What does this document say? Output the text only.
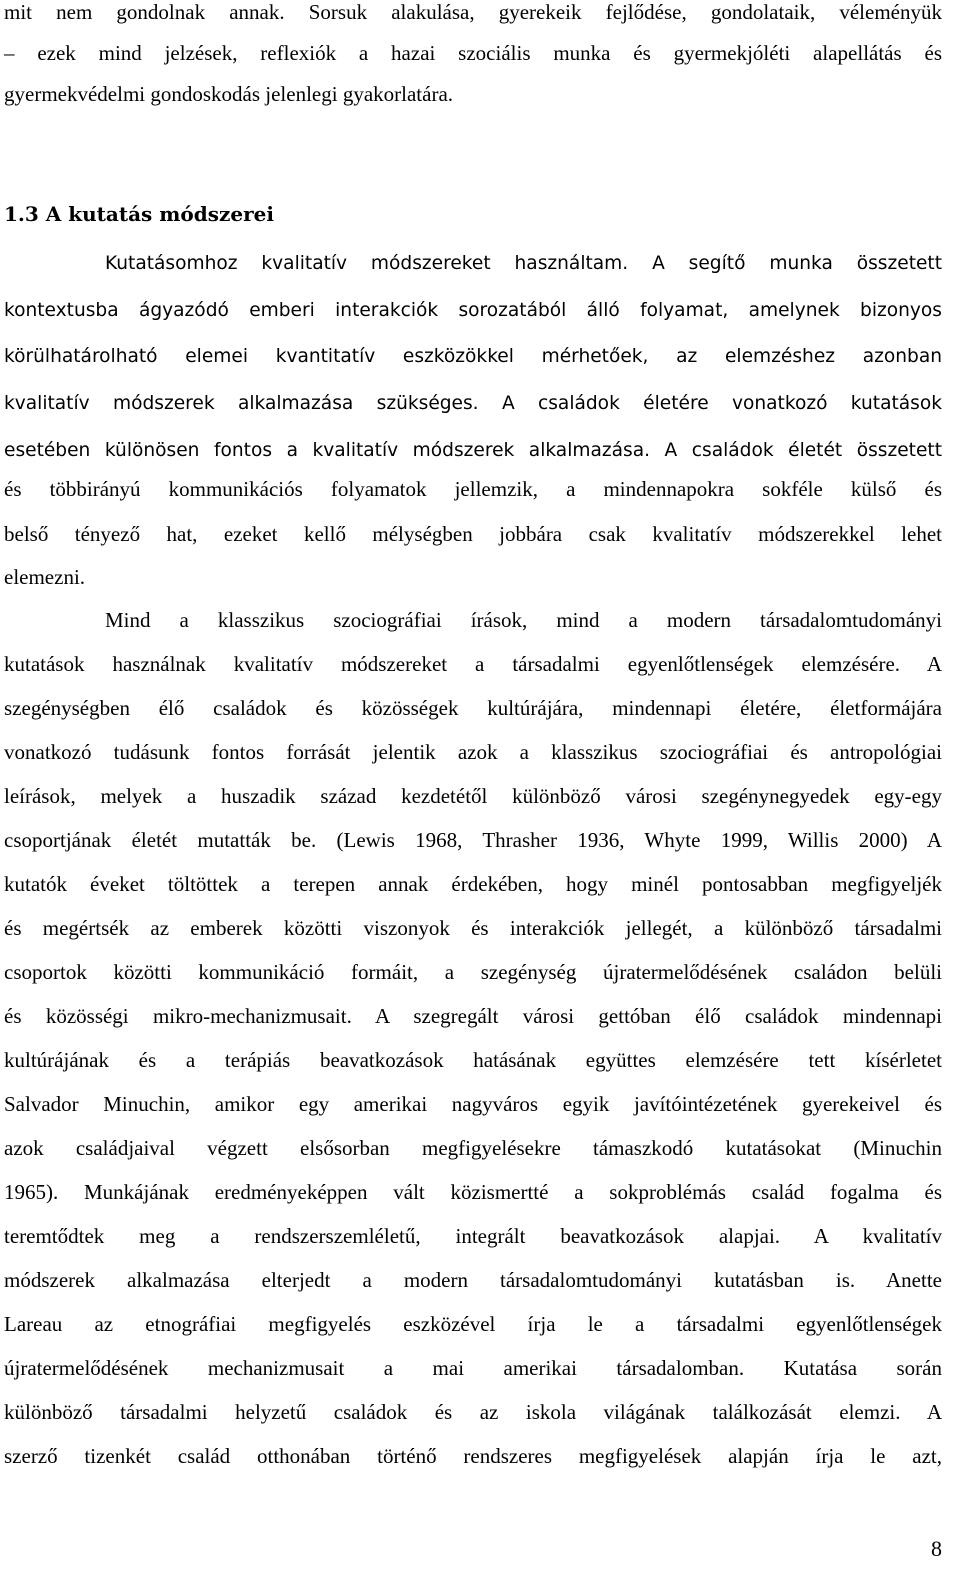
mit nem gondolnak annak. Sorsuk alakulása, gyerekeik fejlődése, gondolataik, véleményük
– ezek mind jelzések, reflexiók a hazai szociális munka és gyermekjóléti alapellátás és
gyermekvédelmi gondoskodás jelenlegi gyakorlatára.
1.3 A kutatás módszerei
Kutatásomhoz kvalitatív módszereket használtam. A segítő munka összetett
kontextusba ágyazódó emberi interakciók sorozatából álló folyamat, amelynek bizonyos
körülhatárolható elemei kvantitatív eszközökkel mérhetőek, az elemzéshez azonban
kvalitatív módszerek alkalmazása szükséges. A családok életére vonatkozó kutatások
esetében különösen fontos a kvalitatív módszerek alkalmazása. A családok életét összetett
és többirányú kommunikációs folyamatok jellemzik, a mindennapokra sokféle külső és
belső tényező hat, ezeket kellő mélységben jobbára csak kvalitatív módszerekkel lehet
elemezni.
Mind a klasszikus szociográfiai írások, mind a modern társadalomtudományi
kutatások használnak kvalitatív módszereket a társadalmi egyenlőtlenségek elemzésére. A
szegénységben élő családok és közösségek kultúrájára, mindennapi életére, életformájára
vonatkozó tudásunk fontos forrását jelentik azok a klasszikus szociográfiai és antropológiai
leírások, melyek a huszadik század kezdetétől különböző városi szegénynegyedek egy-egy
csoportjának életét mutatták be. (Lewis 1968, Thrasher 1936, Whyte 1999, Willis 2000) A
kutatók éveket töltöttek a terepen annak érdekében, hogy minél pontosabban megfigyeljék
és megértsék az emberek közötti viszonyok és interakciók jellegét, a különböző társadalmi
csoportok közötti kommunikáció formáit, a szegénység újratermelődésének családon belüli
és közösségi mikro-mechanizmusait. A szegregált városi gettóban élő családok mindennapi
kultúrájának és a terápiás beavatkozások hatásának együttes elemzésére tett kísérletet
Salvador Minuchin, amikor egy amerikai nagyváros egyik javítóintézetének gyerekeivel és
azok családjaival végzett elsősorban megfigyelésekre támaszkodó kutatásokat (Minuchin
1965). Munkájának eredményeképpen vált közismertté a sokproblémás család fogalma és
teremtődtek meg a rendszerszemléletű, integrált beavatkozások alapjai. A kvalitatív
módszerek alkalmazása elterjedt a modern társadalomtudományi kutatásban is. Anette
Lareau az etnográfiai megfigyelés eszközével írja le a társadalmi egyenlőtlenségek
újratermelődésének mechanizmusait a mai amerikai társadalomban. Kutatása során
különböző társadalmi helyzetű családok és az iskola világának találkozását elemzi. A
szerző tizenkét család otthonában történő rendszeres megfigyelések alapján írja le azt,
8
